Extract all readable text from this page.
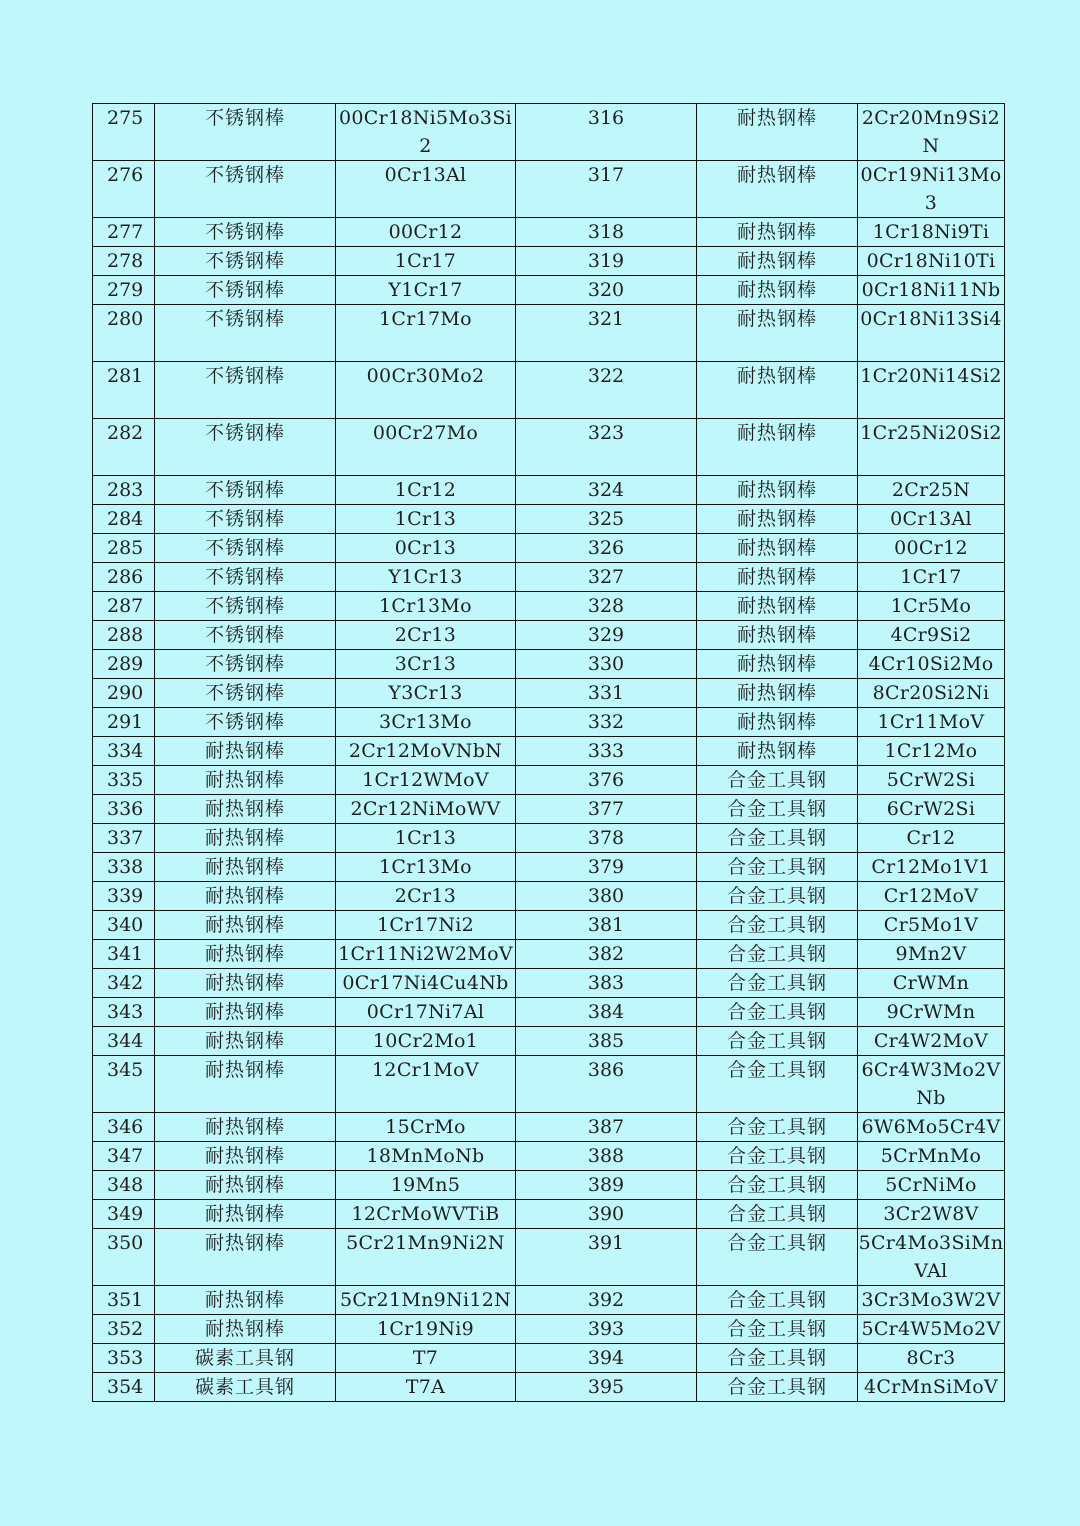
275	不锈钢棒	00Cr18Ni5Mo3Si2	316	耐热钢棒	2Cr20Mn9Si2N
276	不锈钢棒	0Cr13Al	317	耐热钢棒	0Cr19Ni13Mo3
277	不锈钢棒	00Cr12	318	耐热钢棒	1Cr18Ni9Ti
278	不锈钢棒	1Cr17	319	耐热钢棒	0Cr18Ni10Ti
279	不锈钢棒	Y1Cr17	320	耐热钢棒	0Cr18Ni11Nb
280	不锈钢棒	1Cr17Mo	321	耐热钢棒	0Cr18Ni13Si4
281	不锈钢棒	00Cr30Mo2	322	耐热钢棒	1Cr20Ni14Si2
282	不锈钢棒	00Cr27Mo	323	耐热钢棒	1Cr25Ni20Si2
283	不锈钢棒	1Cr12	324	耐热钢棒	2Cr25N
284	不锈钢棒	1Cr13	325	耐热钢棒	0Cr13Al
285	不锈钢棒	0Cr13	326	耐热钢棒	00Cr12
286	不锈钢棒	Y1Cr13	327	耐热钢棒	1Cr17
287	不锈钢棒	1Cr13Mo	328	耐热钢棒	1Cr5Mo
288	不锈钢棒	2Cr13	329	耐热钢棒	4Cr9Si2
289	不锈钢棒	3Cr13	330	耐热钢棒	4Cr10Si2Mo
290	不锈钢棒	Y3Cr13	331	耐热钢棒	8Cr20Si2Ni
291	不锈钢棒	3Cr13Mo	332	耐热钢棒	1Cr11MoV
334	耐热钢棒	2Cr12MoVNbN	333	耐热钢棒	1Cr12Mo
335	耐热钢棒	1Cr12WMoV	376	合金工具钢	5CrW2Si
336	耐热钢棒	2Cr12NiMoWV	377	合金工具钢	6CrW2Si
337	耐热钢棒	1Cr13	378	合金工具钢	Cr12
338	耐热钢棒	1Cr13Mo	379	合金工具钢	Cr12Mo1V1
339	耐热钢棒	2Cr13	380	合金工具钢	Cr12MoV
340	耐热钢棒	1Cr17Ni2	381	合金工具钢	Cr5Mo1V
341	耐热钢棒	1Cr11Ni2W2MoV	382	合金工具钢	9Mn2V
342	耐热钢棒	0Cr17Ni4Cu4Nb	383	合金工具钢	CrWMn
343	耐热钢棒	0Cr17Ni7Al	384	合金工具钢	9CrWMn
344	耐热钢棒	10Cr2Mo1	385	合金工具钢	Cr4W2MoV
345	耐热钢棒	12Cr1MoV	386	合金工具钢	6Cr4W3Mo2VNb
346	耐热钢棒	15CrMo	387	合金工具钢	6W6Mo5Cr4V
347	耐热钢棒	18MnMoNb	388	合金工具钢	5CrMnMo
348	耐热钢棒	19Mn5	389	合金工具钢	5CrNiMo
349	耐热钢棒	12CrMoWVTiB	390	合金工具钢	3Cr2W8V
350	耐热钢棒	5Cr21Mn9Ni2N	391	合金工具钢	5Cr4Mo3SiMnVAl
351	耐热钢棒	5Cr21Mn9Ni12N	392	合金工具钢	3Cr3Mo3W2V
352	耐热钢棒	1Cr19Ni9	393	合金工具钢	5Cr4W5Mo2V
353	碳素工具钢	T7	394	合金工具钢	8Cr3
354	碳素工具钢	T7A	395	合金工具钢	4CrMnSiMoV
